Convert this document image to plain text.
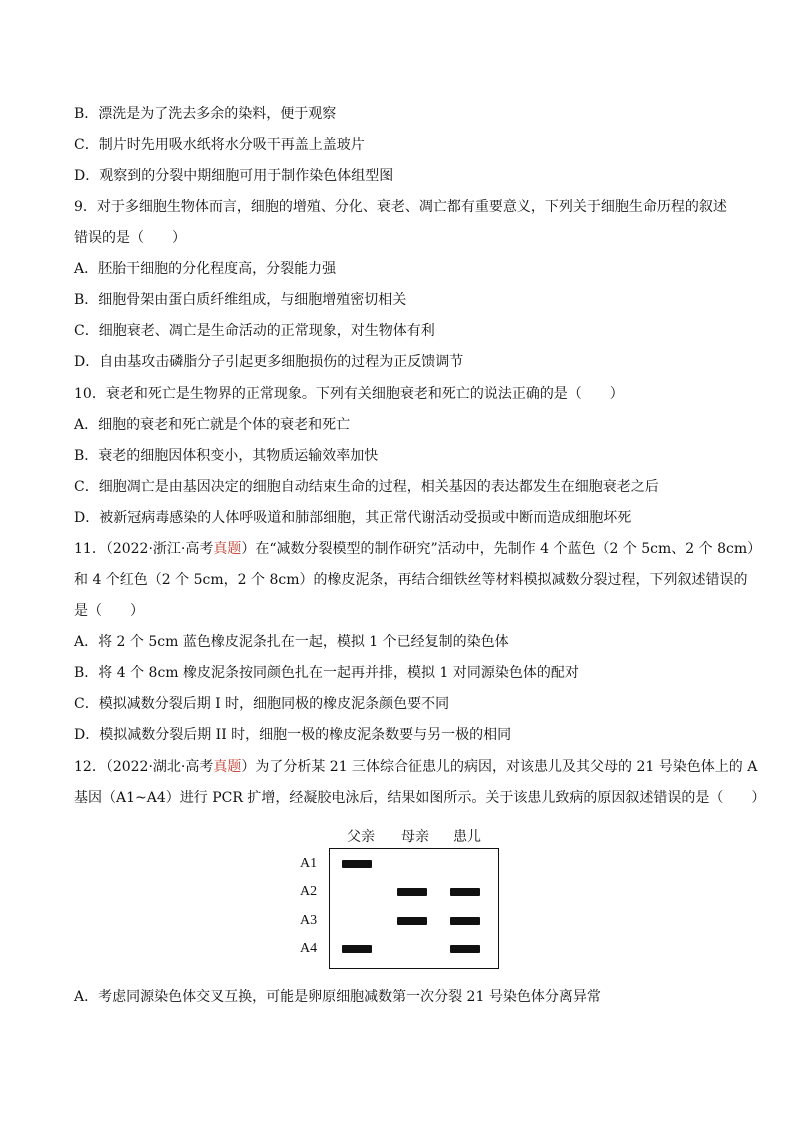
B．漂洗是为了洗去多余的染料，便于观察
C．制片时先用吸水纸将水分吸干再盖上盖玻片
D．观察到的分裂中期细胞可用于制作染色体组型图
9．对于多细胞生物体而言，细胞的增殖、分化、衰老、凋亡都有重要意义，下列关于细胞生命历程的叙述
错误的是（　　）
A．胚胎干细胞的分化程度高，分裂能力强
B．细胞骨架由蛋白质纤维组成，与细胞增殖密切相关
C．细胞衰老、凋亡是生命活动的正常现象，对生物体有利
D．自由基攻击磷脂分子引起更多细胞损伤的过程为正反馈调节
10．衰老和死亡是生物界的正常现象。下列有关细胞衰老和死亡的说法正确的是（　　）
A．细胞的衰老和死亡就是个体的衰老和死亡
B．衰老的细胞因体积变小，其物质运输效率加快
C．细胞凋亡是由基因决定的细胞自动结束生命的过程，相关基因的表达都发生在细胞衰老之后
D．被新冠病毒感染的人体呼吸道和肺部细胞，其正常代谢活动受损或中断而造成细胞坏死
11．（2022·浙江·高考真题）在“减数分裂模型的制作研究”活动中，先制作 4 个蓝色（2 个 5cm、2 个 8cm）
和 4 个红色（2 个 5cm，2 个 8cm）的橡皮泥条，再结合细铁丝等材料模拟减数分裂过程，下列叙述错误的
是（　　）
A．将 2 个 5cm 蓝色橡皮泥条扎在一起，模拟 1 个已经复制的染色体
B．将 4 个 8cm 橡皮泥条按同颜色扎在一起再并排，模拟 1 对同源染色体的配对
C．模拟减数分裂后期 I 时，细胞同极的橡皮泥条颜色要不同
D．模拟减数分裂后期 II 时，细胞一极的橡皮泥条数要与另一极的相同
12．（2022·湖北·高考真题）为了分析某 21 三体综合征患儿的病因，对该患儿及其父母的 21 号染色体上的 A
基因（A1~A4）进行 PCR 扩增，经凝胶电泳后，结果如图所示。关于该患儿致病的原因叙述错误的是（　　）
父亲	母亲	患儿
A1
A2
A3
A4
A．考虑同源染色体交叉互换，可能是卵原细胞减数第一次分裂 21 号染色体分离异常
